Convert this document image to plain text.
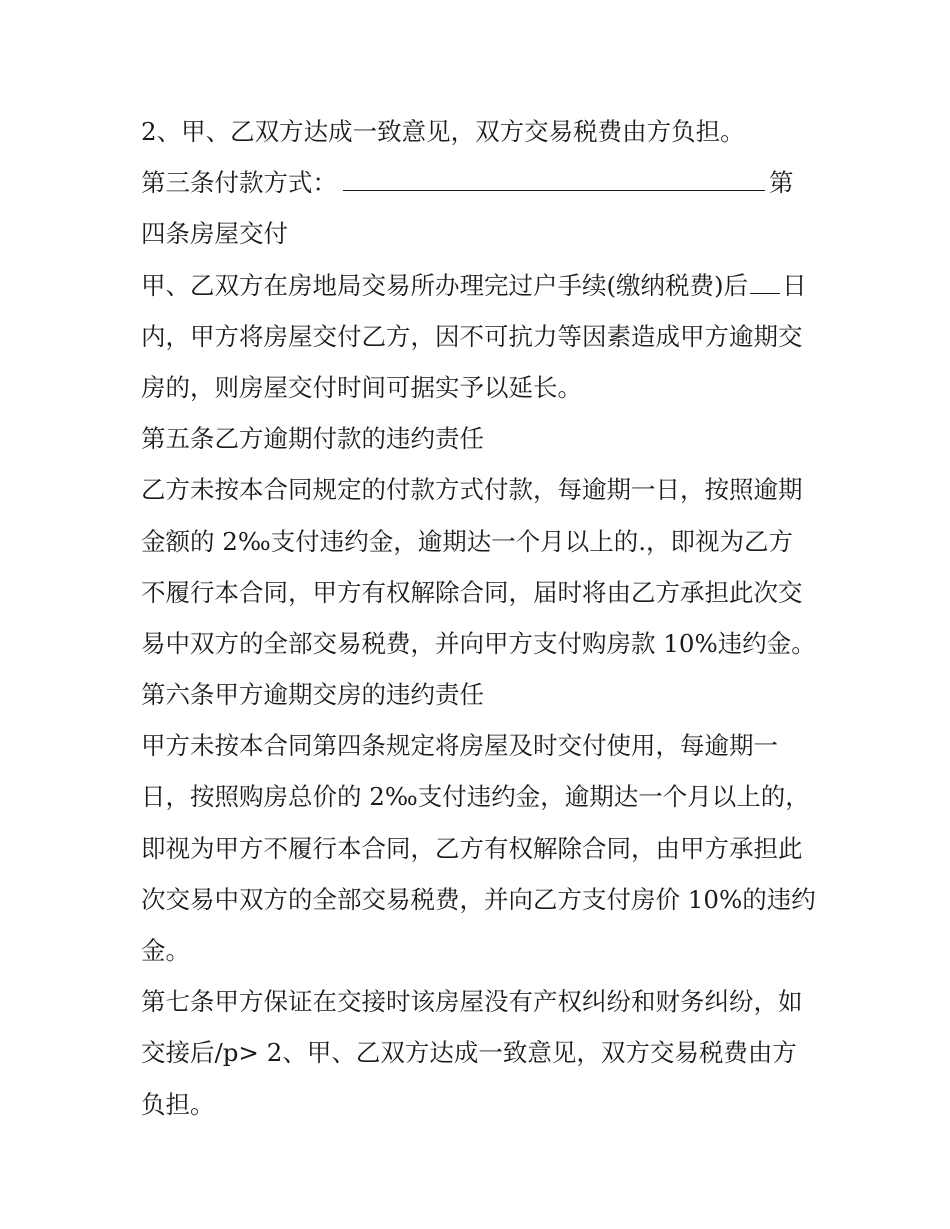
2、甲、乙双方达成一致意见，双方交易税费由方负担。
第三条付款方式：	第
四条房屋交付
甲、乙双方在房地局交易所办理完过户手续(缴纳税费)后 日
内，甲方将房屋交付乙方，因不可抗力等因素造成甲方逾期交
房的，则房屋交付时间可据实予以延长。
第五条乙方逾期付款的违约责任
乙方未按本合同规定的付款方式付款，每逾期一日，按照逾期
金额的 2‰支付违约金，逾期达一个月以上的.，即视为乙方
不履行本合同，甲方有权解除合同，届时将由乙方承担此次交
易中双方的全部交易税费，并向甲方支付购房款 10%违约金。
第六条甲方逾期交房的违约责任
甲方未按本合同第四条规定将房屋及时交付使用，每逾期一
日，按照购房总价的 2‰支付违约金，逾期达一个月以上的，
即视为甲方不履行本合同，乙方有权解除合同，由甲方承担此
次交易中双方的全部交易税费，并向乙方支付房价 10%的违约
金。
第七条甲方保证在交接时该房屋没有产权纠纷和财务纠纷，如
交接后/p> 2、甲、乙双方达成一致意见，双方交易税费由方
负担。
